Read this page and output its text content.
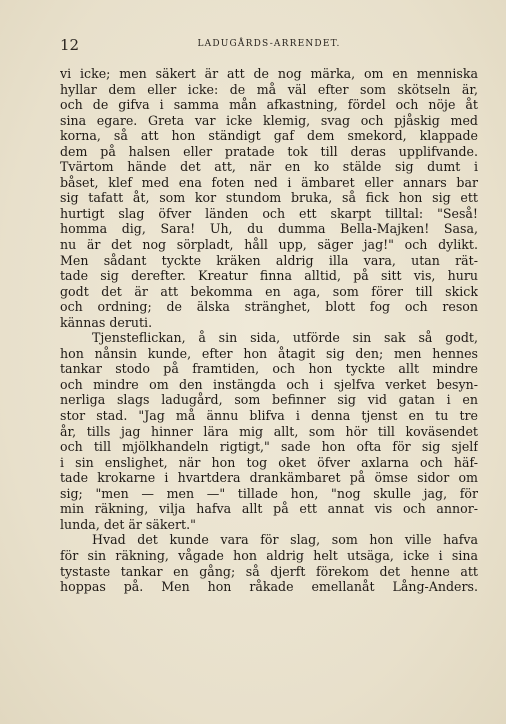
12	LADUGÅRDS-ARRENDET.
vi icke; men säkert är att de nog märka, om en menniska
hyllar dem eller icke: de må väl efter som skötseln är,
och de gifva i samma mån afkastning, fördel och nöje åt
sina egare. Greta var icke klemig, svag och pjåskig med
korna, så att hon ständigt gaf dem smekord, klappade
dem på halsen eller pratade tok till deras upplifvande.
Tvärtom hände det att, när en ko stälde sig dumt i
båset, klef med ena foten ned i ämbaret eller annars bar
sig tafatt åt, som kor stundom bruka, så fick hon sig ett
hurtigt slag öfver länden och ett skarpt tilltal: "Seså!
homma dig, Sara! Uh, du dumma Bella-Majken! Sasa,
nu är det nog sörpladt, håll upp, säger jag!" och dylikt.
Men sådant tyckte kräken aldrig illa vara, utan rät-
tade sig derefter. Kreatur finna alltid, på sitt vis, huru
godt det är att bekomma en aga, som förer till skick
och ordning; de älska stränghet, blott fog och reson
kännas deruti.
Tjensteflickan, å sin sida, utförde sin sak så godt,
hon nånsin kunde, efter hon åtagit sig den; men hennes
tankar stodo på framtiden, och hon tyckte allt mindre
och mindre om den instängda och i sjelfva verket besyn-
nerliga slags ladugård, som befinner sig vid gatan i en
stor stad. "Jag må ännu blifva i denna tjenst en tu tre
år, tills jag hinner lära mig allt, som hör till koväsendet
och till mjölkhandeln rigtigt," sade hon ofta för sig sjelf
i sin enslighet, när hon tog oket öfver axlarna och häf-
tade krokarne i hvartdera drankämbaret på ömse sidor om
sig; "men — men —" tillade hon, "nog skulle jag, för
min räkning, vilja hafva allt på ett annat vis och annor-
lunda, det är säkert."
Hvad det kunde vara för slag, som hon ville hafva
för sin räkning, vågade hon aldrig helt utsäga, icke i sina
tystaste tankar en gång; så djerft förekom det henne att
hoppas på. Men hon råkade emellanåt Lång-Anders.
